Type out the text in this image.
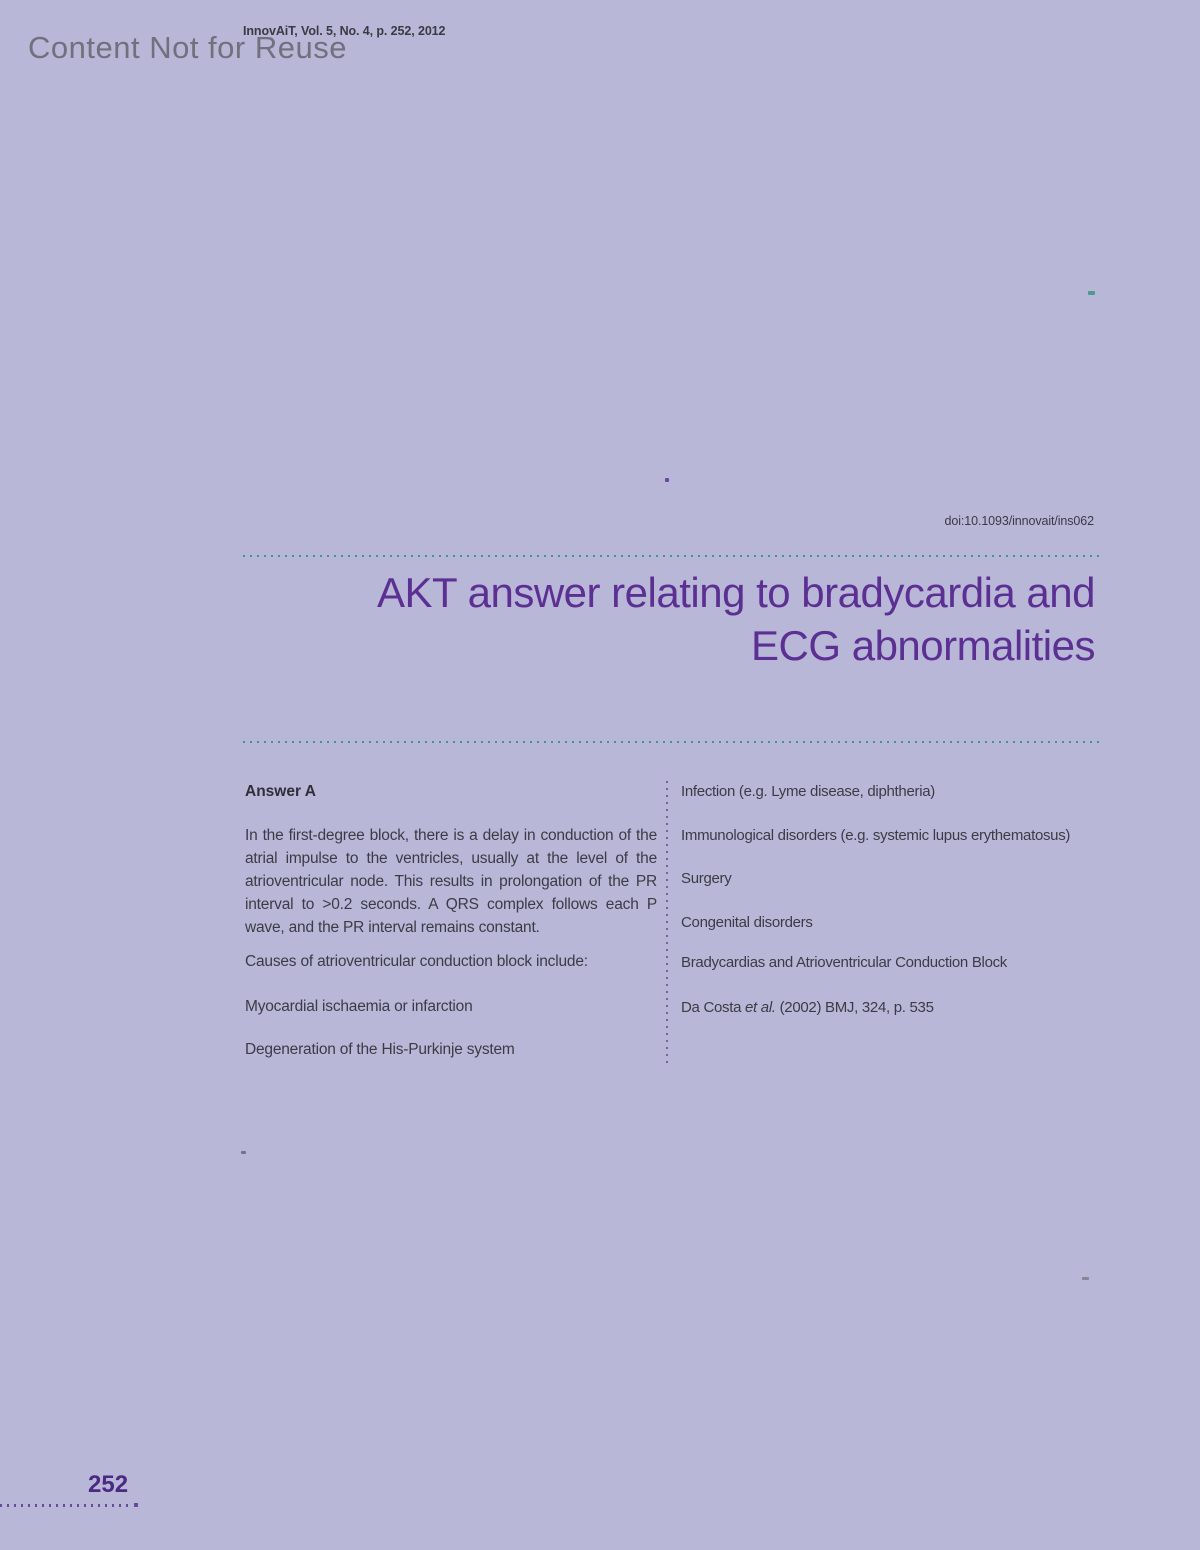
Content Not for Reuse
InnovAiT, Vol. 5, No. 4, p. 252, 2012
doi:10.1093/innovait/ins062
AKT answer relating to bradycardia and
ECG abnormalities
Answer A
In the first-degree block, there is a delay in conduction of the atrial impulse to the ventricles, usually at the level of the atrioventricular node. This results in prolongation of the PR interval to >0.2 seconds. A QRS complex follows each P wave, and the PR interval remains constant.
Causes of atrioventricular conduction block include:
Myocardial ischaemia or infarction
Degeneration of the His-Purkinje system
Infection (e.g. Lyme disease, diphtheria)
Immunological disorders (e.g. systemic lupus erythematosus)
Surgery
Congenital disorders
Bradycardias and Atrioventricular Conduction Block
Da Costa et al. (2002) BMJ, 324, p. 535
252
